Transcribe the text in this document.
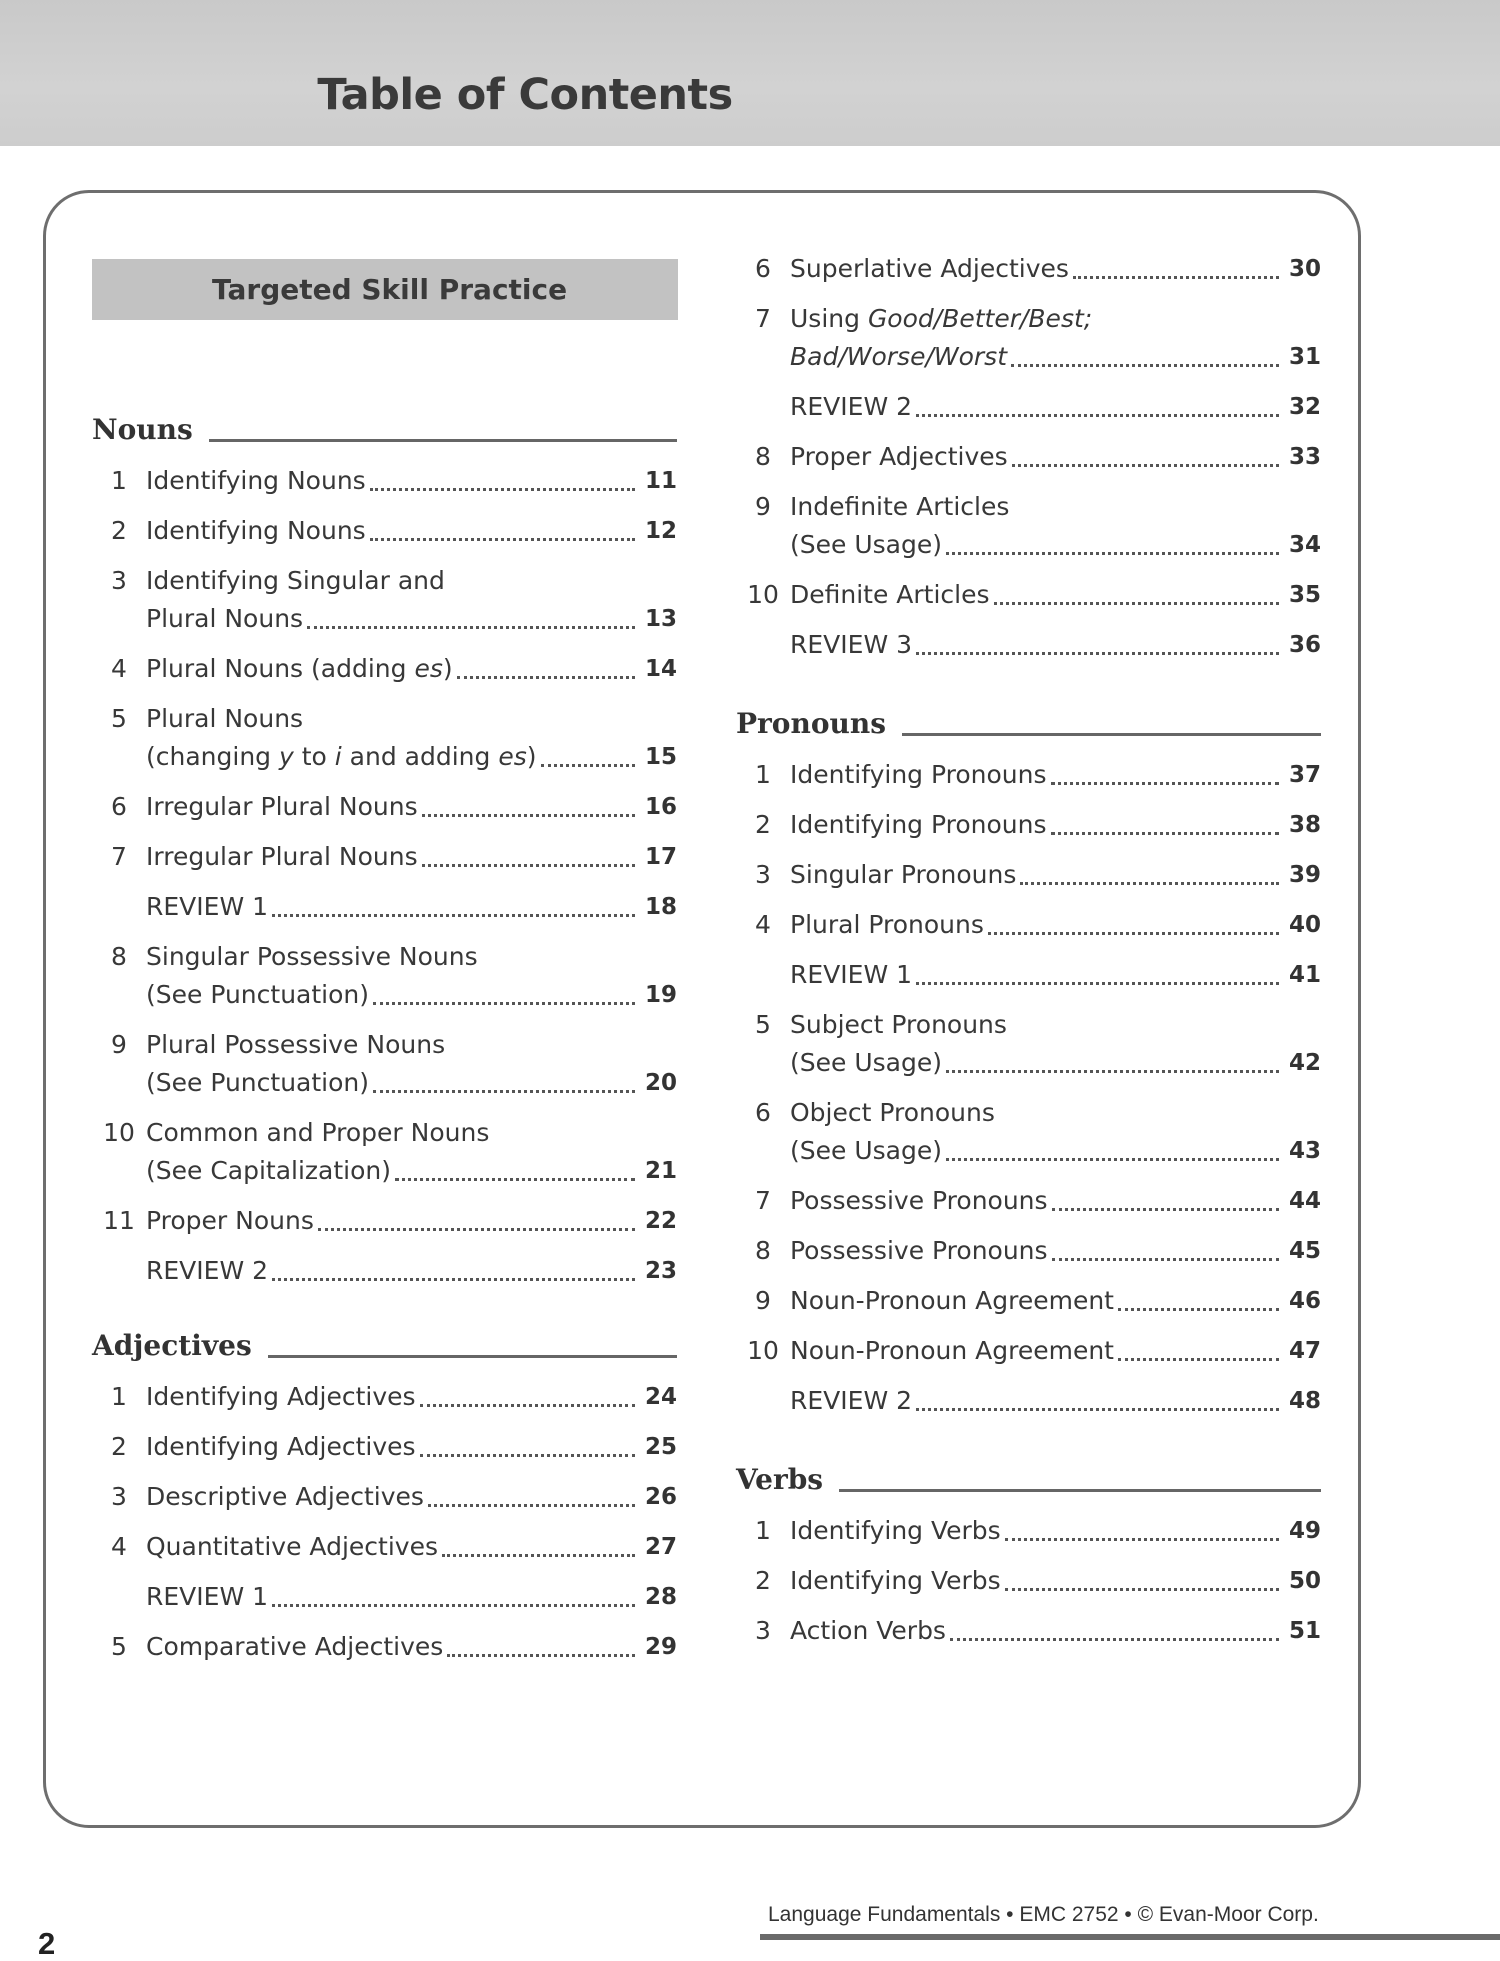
Table of Contents
Targeted Skill Practice
Nouns
1 Identifying Nouns	11
2 Identifying Nouns	12
3 Identifying Singular and
Plural Nouns	13
4 Plural Nouns (adding es)	14
5 Plural Nouns
(changing y to i and adding es)	15
6 Irregular Plural Nouns	16
7 Irregular Plural Nouns	17
REVIEW 1	18
8 Singular Possessive Nouns
(See Punctuation)	19
9 Plural Possessive Nouns
(See Punctuation)	20
10 Common and Proper Nouns
(See Capitalization)	21
11 Proper Nouns	22
REVIEW 2	23
Adjectives
1 Identifying Adjectives	24
2 Identifying Adjectives	25
3 Descriptive Adjectives	26
4 Quantitative Adjectives	27
REVIEW 1	28
5 Comparative Adjectives	29
6 Superlative Adjectives	30
7 Using Good/Better/Best;
Bad/Worse/Worst	31
REVIEW 2	32
8 Proper Adjectives	33
9 Indefinite Articles
(See Usage)	34
10 Definite Articles	35
REVIEW 3	36
Pronouns
1 Identifying Pronouns	37
2 Identifying Pronouns	38
3 Singular Pronouns	39
4 Plural Pronouns	40
REVIEW 1	41
5 Subject Pronouns
(See Usage)	42
6 Object Pronouns
(See Usage)	43
7 Possessive Pronouns	44
8 Possessive Pronouns	45
9 Noun-Pronoun Agreement	46
10 Noun-Pronoun Agreement	47
REVIEW 2	48
Verbs
1 Identifying Verbs	49
2 Identifying Verbs	50
3 Action Verbs	51
2
Language Fundamentals • EMC 2752 • © Evan-Moor Corp.
